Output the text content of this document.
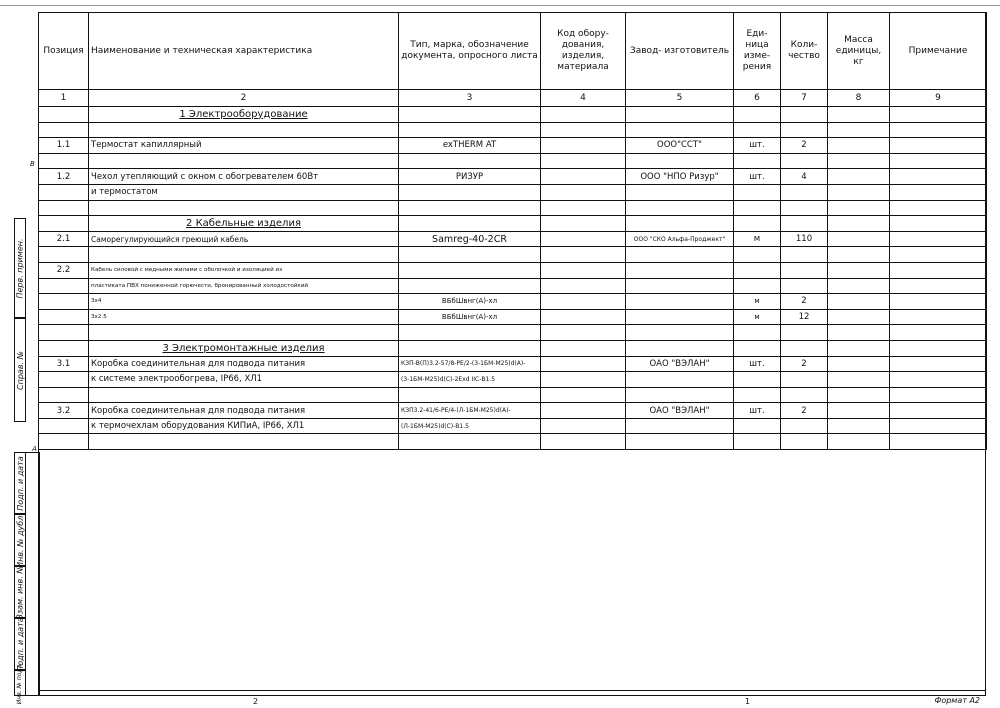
Позиция	Наименование и техническая характеристика	Тип, марка, обозначение документа, опросного листа	Код обору- дования, изделия, материала	Завод- изготовитель	Еди- ница изме- рения	Коли- чество	Масса единицы, кг	Примечание
1	2	3	4	5	6	7	8	9
	1 Электрооборудование							

1.1	Термостат капиллярный	exTHERM AT		ООО"ССТ"	шт.	2		

1.2	Чехол утепляющий с окном с обогревателем 60Вт	РИЗУР		ООО "НПО Ризур"	шт.	4		
	и термостатом							

	2 Кабельные изделия							
2.1	Саморегулирующийся греющий кабель	Samreg-40-2CR		ООО "СКО Альфа-Проджект"	м	110		

2.2	Кабель силовой с медными жилами с оболочкой и изоляцией из							
	пластиката ПВХ пониженной горючести, бронированный холодостойкий							
	3х4	ВБбШвнг(А)-хл			м	2		
	3х2.5	ВБбШвнг(А)-хл			м	12		

	3 Электромонтажные изделия							
3.1	Коробка соединительная для подвода питания	КЗП-В(П)3.2-57/8-РЕ/2-(3-1БМ-М25)d(А)-		ОАО "ВЭЛАН"	шт.	2		
	к системе электрообогрева, IP66, ХЛ1	(3-1БМ-М25)d(С)-2Exd IIС-В1.5						

3.2	Коробка соединительная для подвода питания	КЗП3.2-41/6-РЕ/4-(Л-1БМ-М25)d(А)-		ОАО "ВЭЛАН"	шт.	2		
	к термочехлам оборудования КИПиА, IP66, ХЛ1	(Л-1БМ-М25)d(С)-В1.5						

Перв. примен.
Справ. №
Подп. и дата
Инв. № дубл.
Взам. инв. №
Подп. и дата
Инв. № подл.
В
А
2	1	Формат А2
